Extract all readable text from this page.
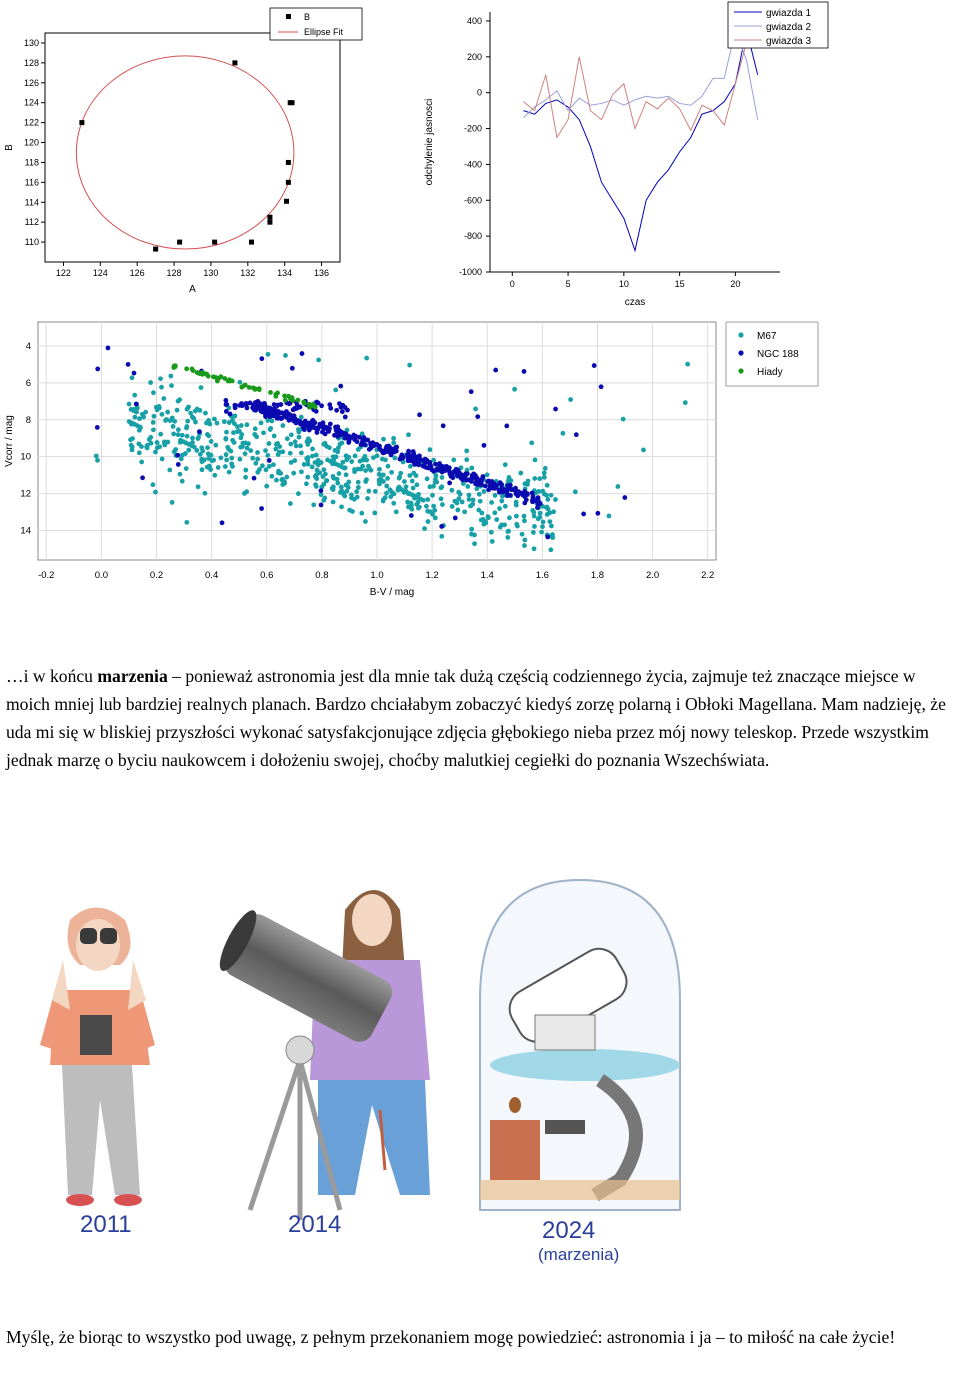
122 124 126 128 130 132 134 136
110
112
114
116
118
120
122
124
126
128
130
A
B
B
Ellipse Fit
0	5	10	15	20
-1000
-800
-600
-400
-200
0
200
400
czas
odchylenie jasnosci
gwiazda 1
gwiazda 2
gwiazda 3
-0.2	0.0	0.2	0.4	0.6	0.8	1.0	1.2	1.4	1.6	1.8	2.0	2.2
4
6
8
10
12
14
B-V / mag
Vcorr / mag
M67
NGC 188
Hiady
…i w końcu marzenia – ponieważ astronomia jest dla mnie tak dużą częścią codziennego życia, zajmuje też znaczące miejsce w moich mniej lub bardziej realnych planach. Bardzo chciałabym zobaczyć kiedyś zorzę polarną i Obłoki Magellana. Mam nadzieję, że uda mi się w bliskiej przyszłości wykonać satysfakcjonujące zdjęcia głębokiego nieba przez mój nowy teleskop. Przede wszystkim jednak marzę o byciu naukowcem i dołożeniu swojej, choćby malutkiej cegiełki do poznania Wszechświata.
2011	2014	2024
(marzenia)
Myślę, że biorąc to wszystko pod uwagę, z pełnym przekonaniem mogę powiedzieć: astronomia i ja – to miłość na całe życie!
